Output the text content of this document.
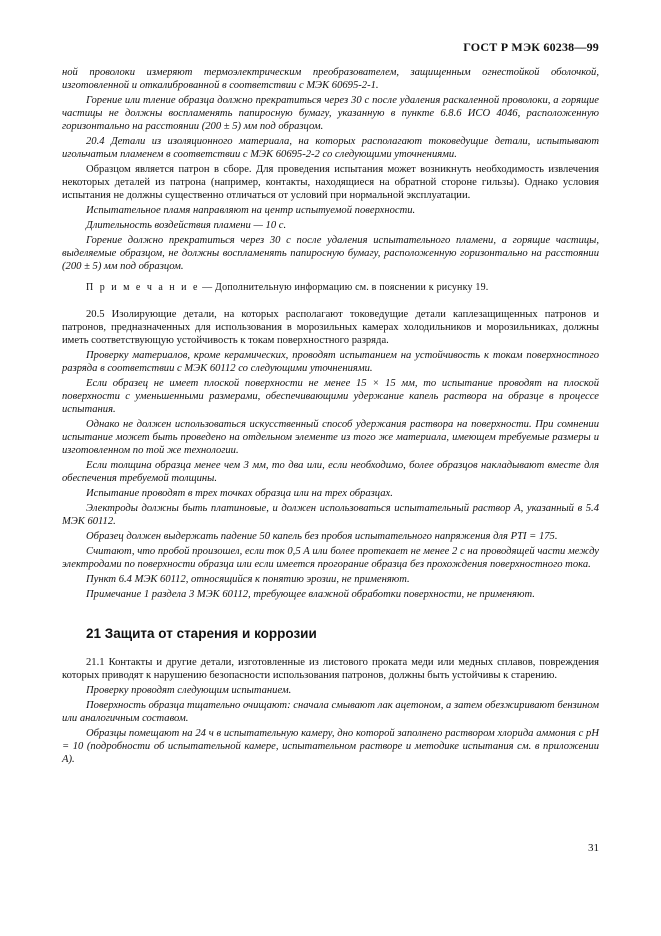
ГОСТ Р МЭК 60238—99

ной проволоки измеряют термоэлектрическим преобразователем, защищенным огнестойкой оболочкой, изготовленной и откалиброванной в соответствии с МЭК 60695-2-1.

Горение или тление образца должно прекратиться через 30 с после удаления раскаленной проволоки, а горящие частицы не должны воспламенять папиросную бумагу, указанную в пункте 6.8.6 ИСО 4046, расположенную горизонтально на расстоянии (200 ± 5) мм под образцом.

20.4 Детали из изоляционного материала, на которых располагают токоведущие детали, испытывают игольчатым пламенем в соответствии с МЭК 60695-2-2 со следующими уточнениями.

Образцом является патрон в сборе. Для проведения испытания может возникнуть необходимость извлечения некоторых деталей из патрона (например, контакты, находящиеся на обратной стороне гильзы). Однако условия испытания не должны существенно отличаться от условий при нормальной эксплуатации.

Испытательное пламя направляют на центр испытуемой поверхности.

Длительность воздействия пламени — 10 с.

Горение должно прекратиться через 30 с после удаления испытательного пламени, а горящие частицы, выделяемые образцом, не должны воспламенять папиросную бумагу, расположенную горизонтально на расстоянии (200 ± 5) мм под образцом.

П р и м е ч а н и е — Дополнительную информацию см. в пояснении к рисунку 19.

20.5 Изолирующие детали, на которых располагают токоведущие детали каплезащищенных патронов и патронов, предназначенных для использования в морозильных камерах холодильников и морозильниках, должны иметь соответствующую устойчивость к токам поверхностного разряда.

Проверку материалов, кроме керамических, проводят испытанием на устойчивость к токам поверхностного разряда в соответствии с МЭК 60112 со следующими уточнениями.

Если образец не имеет плоской поверхности не менее 15 × 15 мм, то испытание проводят на плоской поверхности с уменьшенными размерами, обеспечивающими удержание капель раствора на образце в процессе испытания.

Однако не должен использоваться искусственный способ удержания раствора на поверхности. При сомнении испытание может быть проведено на отдельном элементе из того же материала, имеющем требуемые размеры и изготовленном по той же технологии.

Если толщина образца менее чем 3 мм, то два или, если необходимо, более образцов накладывают вместе для обеспечения требуемой толщины.

Испытание проводят в трех точках образца или на трех образцах.

Электроды должны быть платиновые, и должен использоваться испытательный раствор А, указанный в 5.4 МЭК 60112.

Образец должен выдержать падение 50 капель без пробоя испытательного напряжения для PTI = 175.

Считают, что пробой произошел, если ток 0,5 А или более протекает не менее 2 с на проводящей части между электродами по поверхности образца или если имеется прогорание образца без прохождения поверхностного тока.

Пункт 6.4 МЭК 60112, относящийся к понятию эрозии, не применяют.

Примечание 1 раздела 3 МЭК 60112, требующее влажной обработки поверхности, не применяют.

21 Защита от старения и коррозии

21.1 Контакты и другие детали, изготовленные из листового проката меди или медных сплавов, повреждения которых приводят к нарушению безопасности использования патронов, должны быть устойчивы к старению.

Проверку проводят следующим испытанием.

Поверхность образца тщательно очищают: сначала смывают лак ацетоном, а затем обезжиривают бензином или аналогичным составом.

Образцы помещают на 24 ч в испытательную камеру, дно которой заполнено раствором хлорида аммония с pH = 10 (подробности об испытательной камере, испытательном растворе и методике испытания см. в приложении А).

31
